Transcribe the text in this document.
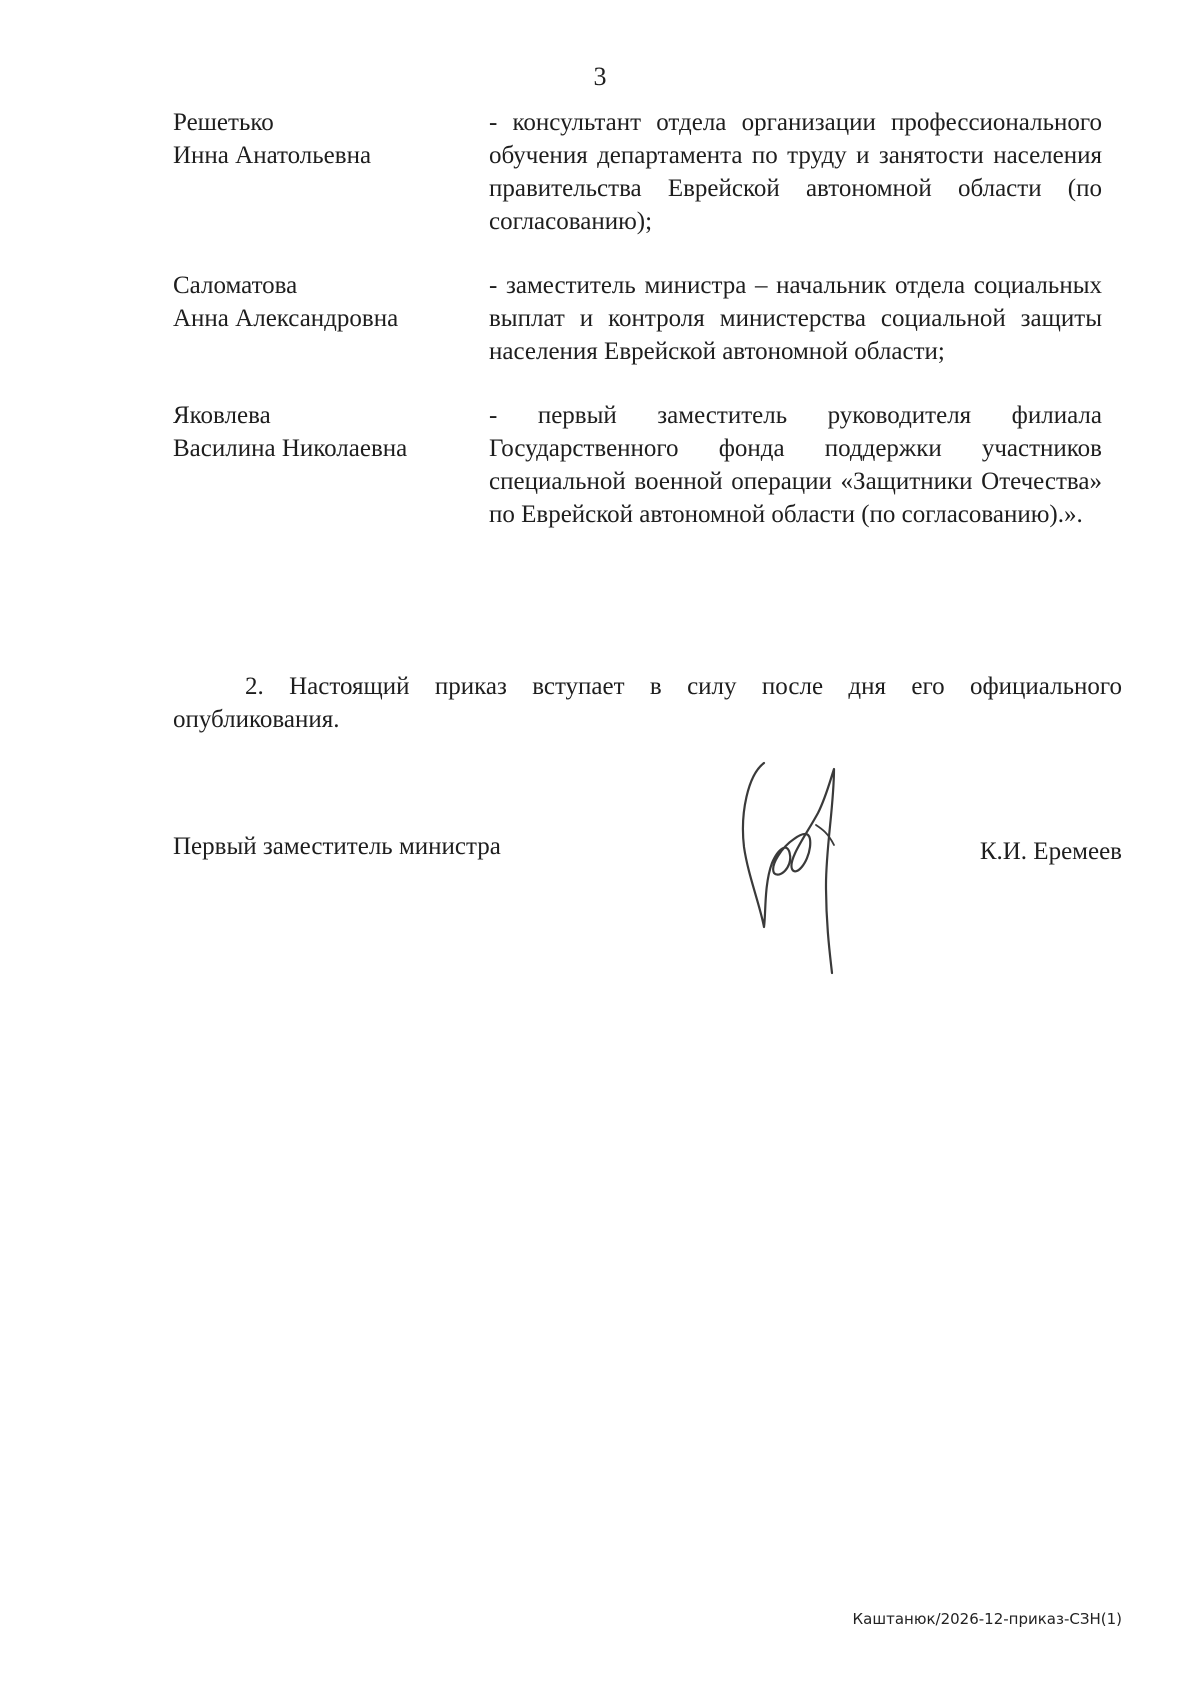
3
Решетько
Инна Анатольевна
- консультант отдела организации профессионального обучения департамента по труду и занятости населения правительства Еврейской автономной области (по согласованию);
Саломатова
Анна Александровна
- заместитель министра – начальник отдела социальных выплат и контроля министерства социальной защиты населения Еврейской автономной области;
Яковлева
Василина Николаевна
- первый заместитель руководителя филиала Государственного фонда поддержки участников специальной военной операции «Защитники Отечества» по Еврейской автономной области (по согласованию).».

2. Настоящий приказ вступает в силу после дня его официального опубликования.

Первый заместитель министра	К.И. Еремеев
Каштанюк/2026-12-приказ-СЗН(1)
